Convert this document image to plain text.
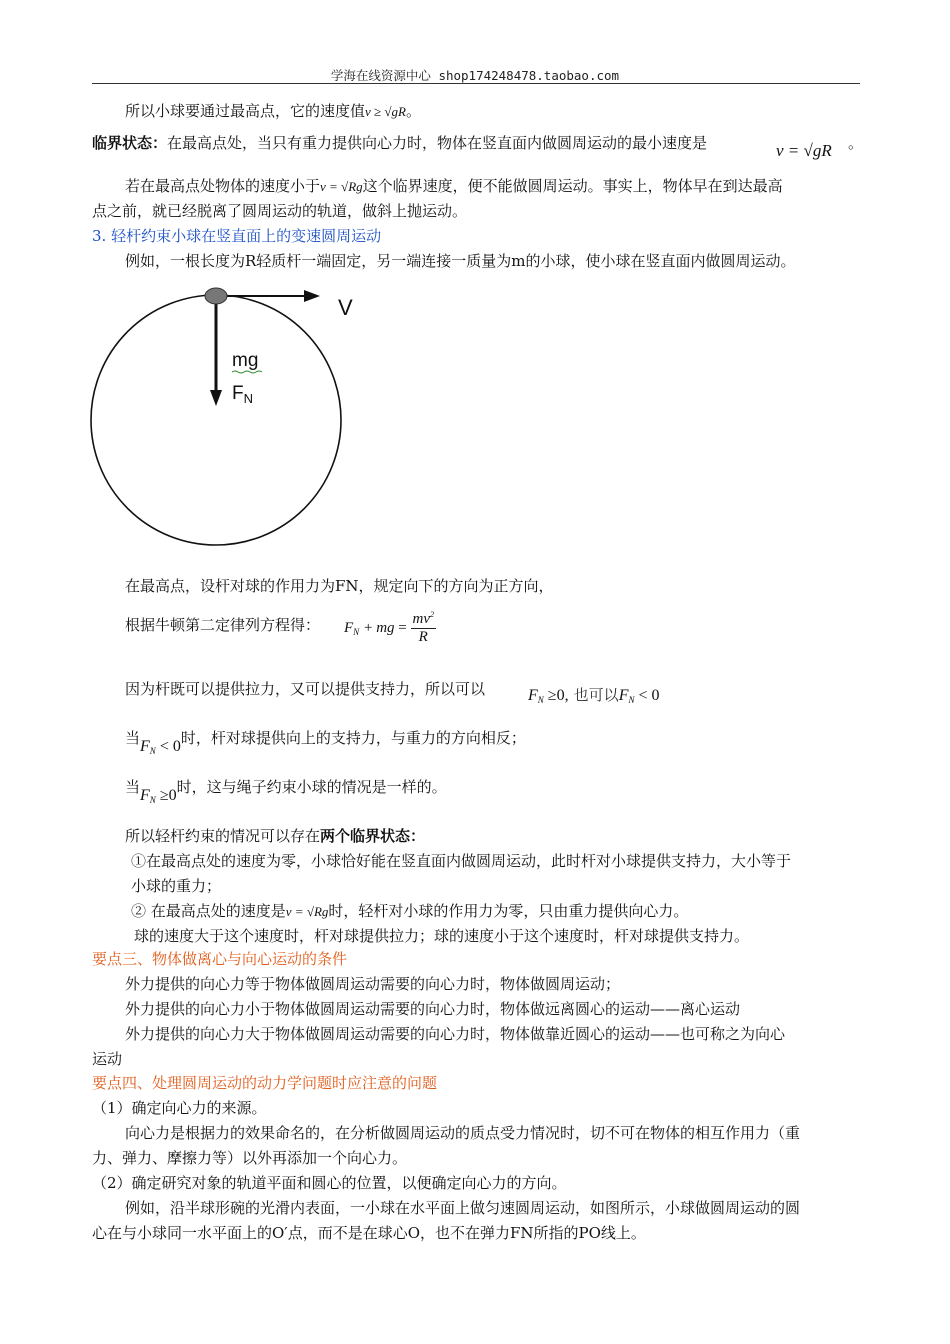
学海在线资源中心 shop174248478.taobao.com
所以小球要通过最高点，它的速度值v ≥ √gR。
临界状态：在最高点处，当只有重力提供向心力时，物体在竖直面内做圆周运动的最小速度是	v = √gR 。
若在最高点处物体的速度小于v = √Rg这个临界速度，便不能做圆周运动。事实上，物体早在到达最高
点之前，就已经脱离了圆周运动的轨道，做斜上抛运动。
3. 轻杆约束小球在竖直面上的变速圆周运动
例如，一根长度为R轻质杆一端固定，另一端连接一质量为m的小球，使小球在竖直面内做圆周运动。
V
mg
$F_N$
在最高点，设杆对球的作用力为FN，规定向下的方向为正方向，
根据牛顿第二定律列方程得： $F_N$ + mg = $\frac{mv^2}{R}$
因为杆既可以提供拉力，又可以提供支持力，所以可以	$F_N \ge 0$, 也可以$F_N < 0$
当$F_N < 0$时，杆对球提供向上的支持力，与重力的方向相反；
当$F_N \ge 0$时，这与绳子约束小球的情况是一样的。
所以轻杆约束的情况可以存在两个临界状态：
①在最高点处的速度为零，小球恰好能在竖直面内做圆周运动，此时杆对小球提供支持力，大小等于
小球的重力；
② 在最高点处的速度是v = √Rg时，轻杆对小球的作用力为零，只由重力提供向心力。
球的速度大于这个速度时，杆对球提供拉力；球的速度小于这个速度时，杆对球提供支持力。
要点三、物体做离心与向心运动的条件
外力提供的向心力等于物体做圆周运动需要的向心力时，物体做圆周运动；
外力提供的向心力小于物体做圆周运动需要的向心力时，物体做远离圆心的运动——离心运动
外力提供的向心力大于物体做圆周运动需要的向心力时，物体做靠近圆心的运动——也可称之为向心
运动
要点四、处理圆周运动的动力学问题时应注意的问题
（1）确定向心力的来源。
向心力是根据力的效果命名的，在分析做圆周运动的质点受力情况时，切不可在物体的相互作用力（重
力、弹力、摩擦力等）以外再添加一个向心力。
（2）确定研究对象的轨道平面和圆心的位置，以便确定向心力的方向。
例如，沿半球形碗的光滑内表面，一小球在水平面上做匀速圆周运动，如图所示，小球做圆周运动的圆
心在与小球同一水平面上的O′点，而不是在球心O，也不在弹力FN所指的PO线上。
